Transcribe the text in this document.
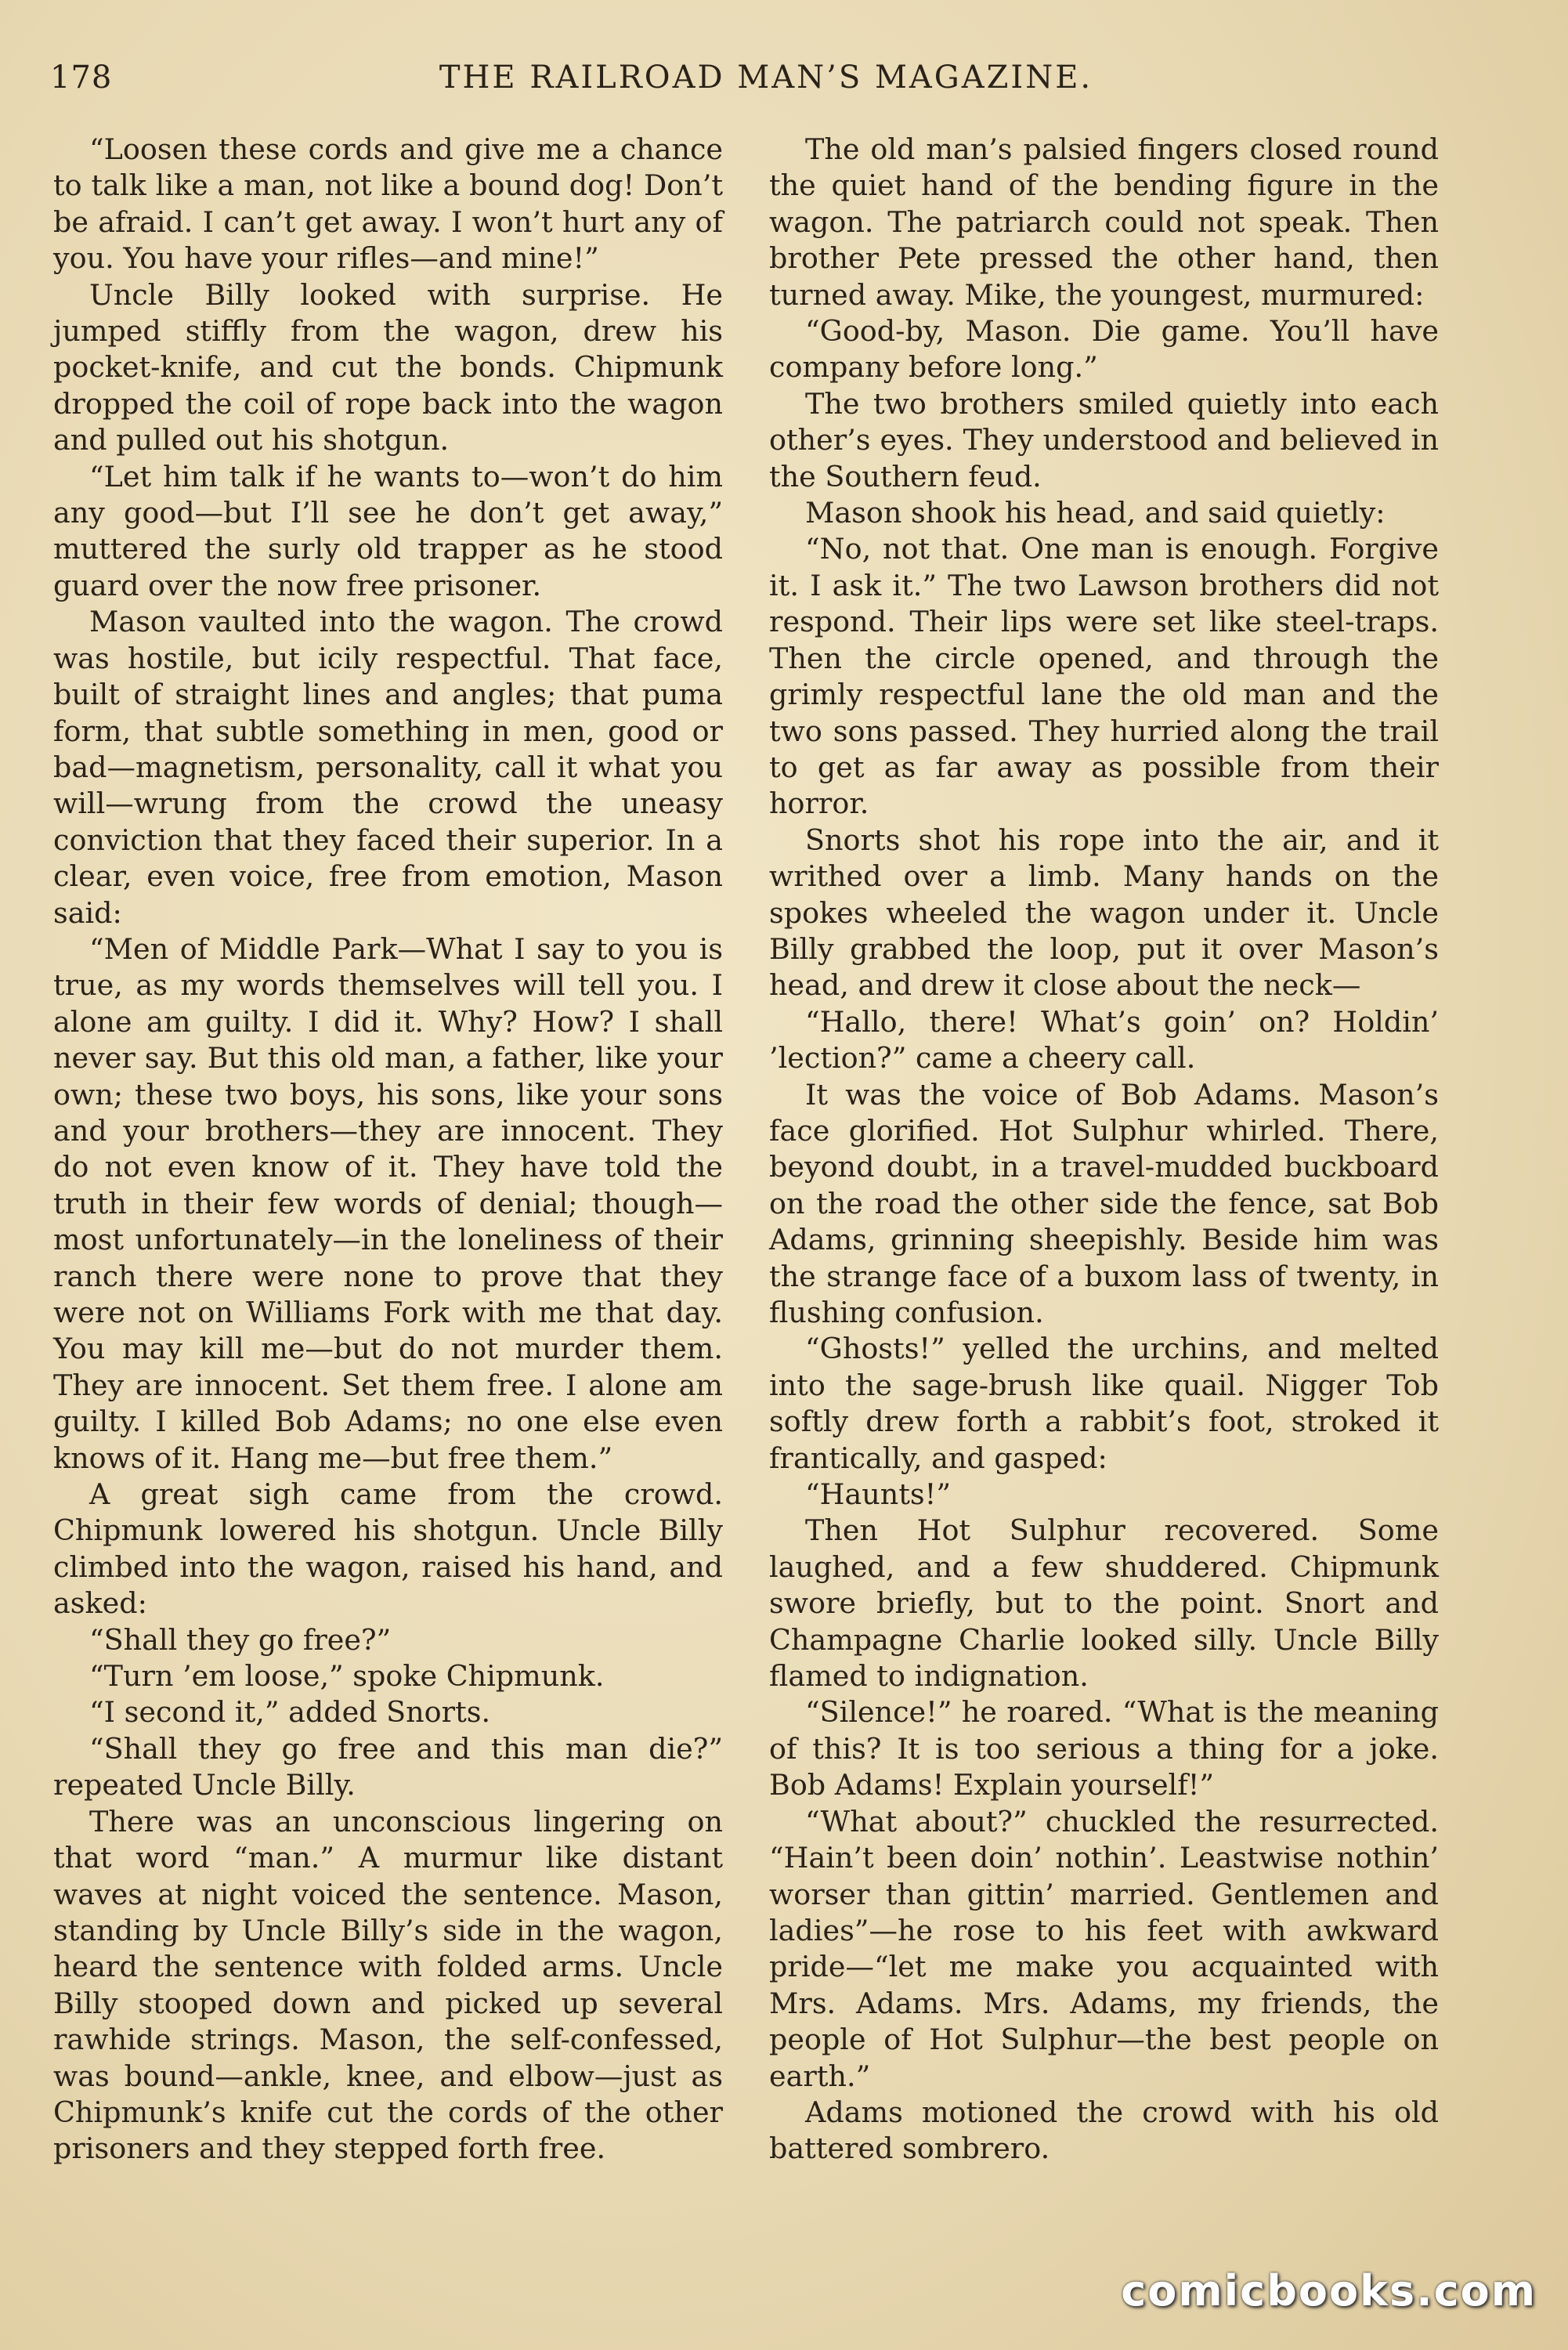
178	THE RAILROAD MAN’S MAGAZINE.

“Loosen these cords and give me a chance to talk like a man, not like a bound dog! Don’t be afraid. I can’t get away. I won’t hurt any of you. You have your rifles—and mine!”

Uncle Billy looked with surprise. He jumped stiffly from the wagon, drew his pocket-knife, and cut the bonds. Chipmunk dropped the coil of rope back into the wagon and pulled out his shotgun.

“Let him talk if he wants to—won’t do him any good—but I’ll see he don’t get away,” muttered the surly old trapper as he stood guard over the now free prisoner.

Mason vaulted into the wagon. The crowd was hostile, but icily respectful. That face, built of straight lines and angles; that puma form, that subtle something in men, good or bad—magnetism, personality, call it what you will—wrung from the crowd the uneasy conviction that they faced their superior. In a clear, even voice, free from emotion, Mason said:

“Men of Middle Park—What I say to you is true, as my words themselves will tell you. I alone am guilty. I did it. Why? How? I shall never say. But this old man, a father, like your own; these two boys, his sons, like your sons and your brothers—they are innocent. They do not even know of it. They have told the truth in their few words of denial; though—most unfortunately—in the loneliness of their ranch there were none to prove that they were not on Williams Fork with me that day. You may kill me—but do not murder them. They are innocent. Set them free. I alone am guilty. I killed Bob Adams; no one else even knows of it. Hang me—but free them.”

A great sigh came from the crowd. Chipmunk lowered his shotgun. Uncle Billy climbed into the wagon, raised his hand, and asked:

“Shall they go free?”

“Turn ’em loose,” spoke Chipmunk.

“I second it,” added Snorts.

“Shall they go free and this man die?” repeated Uncle Billy.

There was an unconscious lingering on that word “man.” A murmur like distant waves at night voiced the sentence. Mason, standing by Uncle Billy’s side in the wagon, heard the sentence with folded arms. Uncle Billy stooped down and picked up several rawhide strings. Mason, the self-confessed, was bound—ankle, knee, and elbow—just as Chipmunk’s knife cut the cords of the other prisoners and they stepped forth free.

The old man’s palsied fingers closed round the quiet hand of the bending figure in the wagon. The patriarch could not speak. Then brother Pete pressed the other hand, then turned away. Mike, the youngest, murmured:

“Good-by, Mason. Die game. You’ll have company before long.”

The two brothers smiled quietly into each other’s eyes. They understood and believed in the Southern feud.

Mason shook his head, and said quietly:

“No, not that. One man is enough. Forgive it. I ask it.” The two Lawson brothers did not respond. Their lips were set like steel-traps. Then the circle opened, and through the grimly respectful lane the old man and the two sons passed. They hurried along the trail to get as far away as possible from their horror.

Snorts shot his rope into the air, and it writhed over a limb. Many hands on the spokes wheeled the wagon under it. Uncle Billy grabbed the loop, put it over Mason’s head, and drew it close about the neck—

“Hallo, there! What’s goin’ on? Holdin’ ’lection?” came a cheery call.

It was the voice of Bob Adams. Mason’s face glorified. Hot Sulphur whirled. There, beyond doubt, in a travel-mudded buckboard on the road the other side the fence, sat Bob Adams, grinning sheepishly. Beside him was the strange face of a buxom lass of twenty, in flushing confusion.

“Ghosts!” yelled the urchins, and melted into the sage-brush like quail. Nigger Tob softly drew forth a rabbit’s foot, stroked it frantically, and gasped:

“Haunts!”

Then Hot Sulphur recovered. Some laughed, and a few shuddered. Chipmunk swore briefly, but to the point. Snort and Champagne Charlie looked silly. Uncle Billy flamed to indignation.

“Silence!” he roared. “What is the meaning of this? It is too serious a thing for a joke. Bob Adams! Explain yourself!”

“What about?” chuckled the resurrected. “Hain’t been doin’ nothin’. Leastwise nothin’ worser than gittin’ married. Gentlemen and ladies”—he rose to his feet with awkward pride—“let me make you acquainted with Mrs. Adams. Mrs. Adams, my friends, the people of Hot Sulphur—the best people on earth.”

Adams motioned the crowd with his old battered sombrero.

comicbooks.com
